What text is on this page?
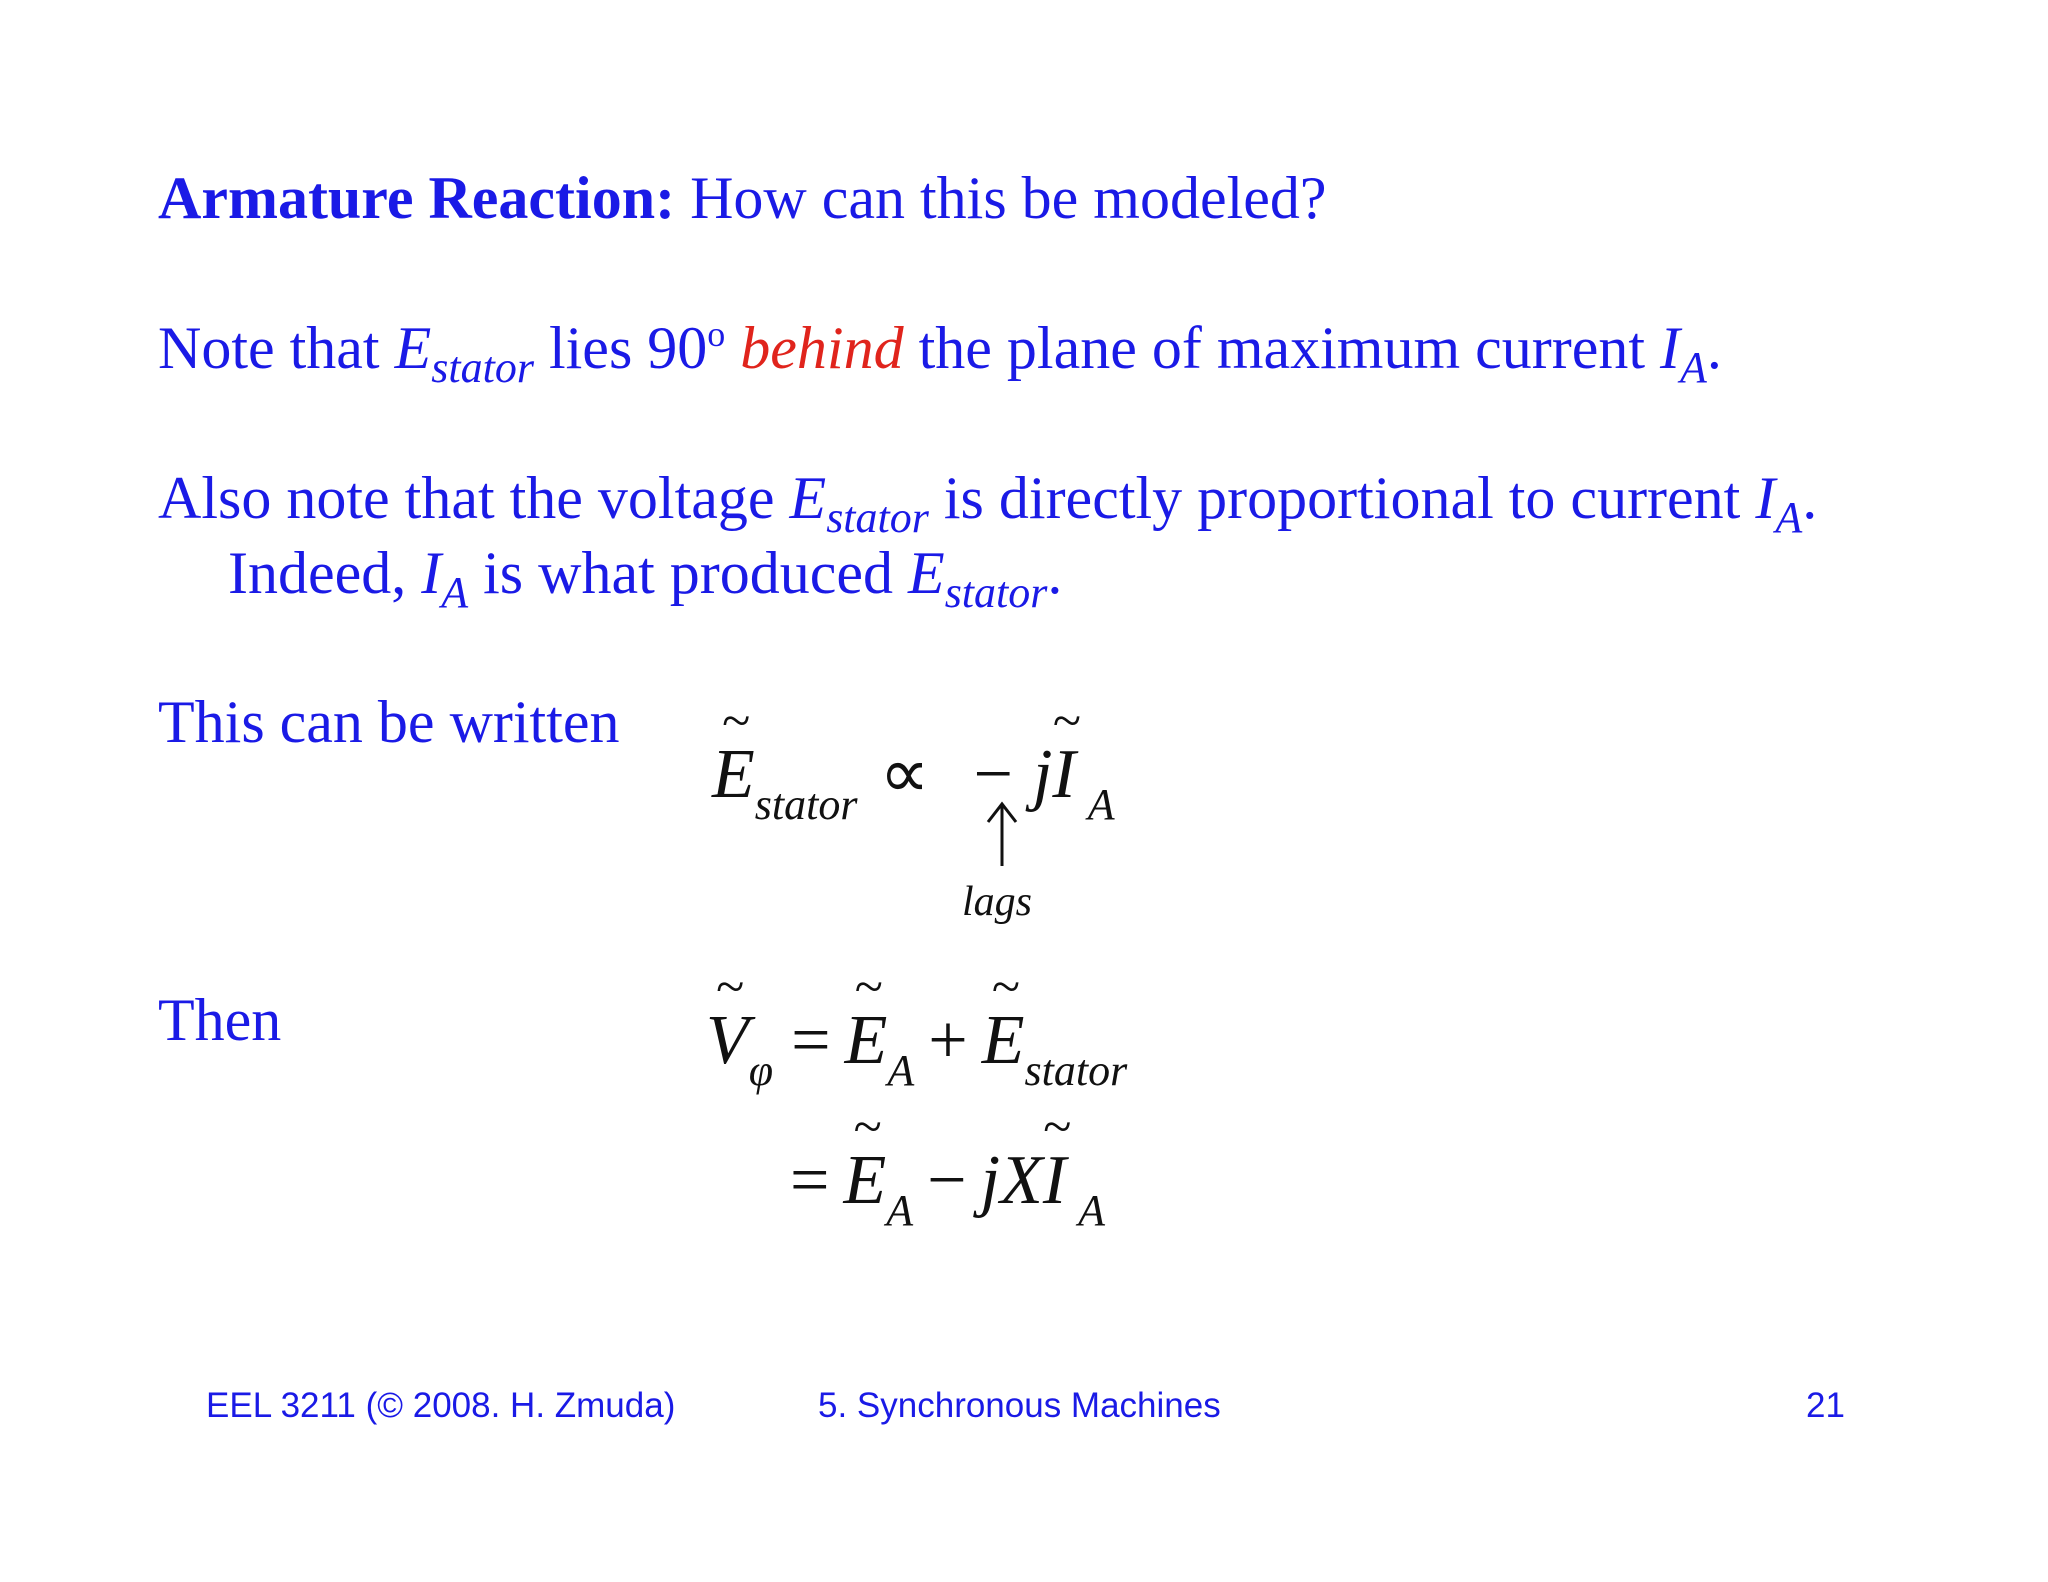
Armature Reaction: How can this be modeled?
Note that $E_{stator}$ lies 90$^o$ behind the plane of maximum current $I_A$.
Also note that the voltage $E_{stator}$ is directly proportional to current $I_A$.
Indeed, $I_A$ is what produced $E_{stator}$.
This can be written ~
$E_{stator}$ ∝ − j
~
I $_A$
lags
Then	~
$V_\varphi$ =
~
$E_A$ +
~
$E_{stator}$
=
~
$E_A$ − jX
~
I $_A$
EEL 3211 (© 2008. H. Zmuda)	5. Synchronous Machines	21
